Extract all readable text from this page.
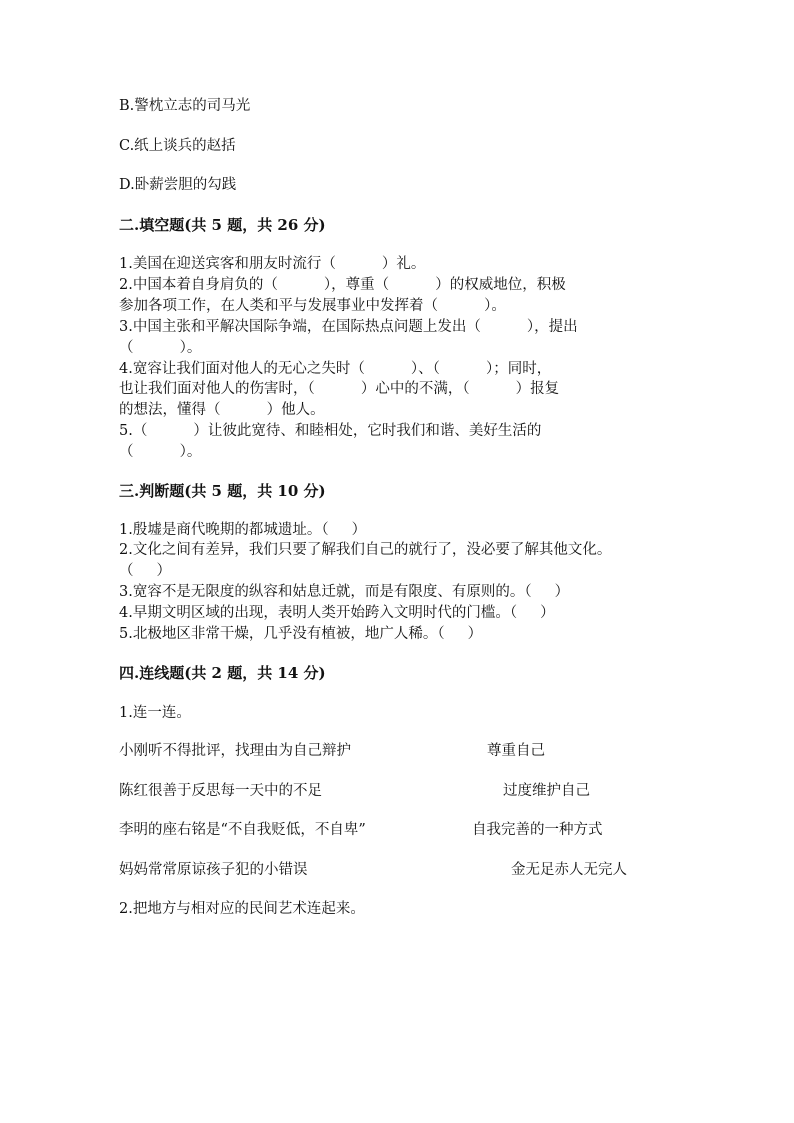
B.警枕立志的司马光
C.纸上谈兵的赵括
D.卧薪尝胆的勾践
二.填空题(共 5 题，共 26 分)
1.美国在迎送宾客和朋友时流行（          ）礼。
2.中国本着自身肩负的（          ），尊重（          ）的权威地位，积极
参加各项工作，在人类和平与发展事业中发挥着（          ）。
3.中国主张和平解决国际争端，在国际热点问题上发出（          ），提出
（          ）。
4.宽容让我们面对他人的无心之失时（          ）、（          ）；同时，
也让我们面对他人的伤害时，（          ）心中的不满，（          ）报复
的想法，懂得（          ）他人。
5.（          ）让彼此宽待、和睦相处，它时我们和谐、美好生活的
（          ）。
三.判断题(共 5 题，共 10 分)
1.殷墟是商代晚期的都城遗址。（     ）
2.文化之间有差异，我们只要了解我们自己的就行了，没必要了解其他文化。
（     ）
3.宽容不是无限度的纵容和姑息迁就，而是有限度、有原则的。（     ）
4.早期文明区域的出现，表明人类开始跨入文明时代的门槛。（     ）
5.北极地区非常干燥，几乎没有植被，地广人稀。（     ）
四.连线题(共 2 题，共 14 分)
1.连一连。
小刚听不得批评，找理由为自己辩护	尊重自己
陈红很善于反思每一天中的不足	过度维护自己
李明的座右铭是“不自我贬低，不自卑”	自我完善的一种方式
妈妈常常原谅孩子犯的小错误	金无足赤人无完人
2.把地方与相对应的民间艺术连起来。
